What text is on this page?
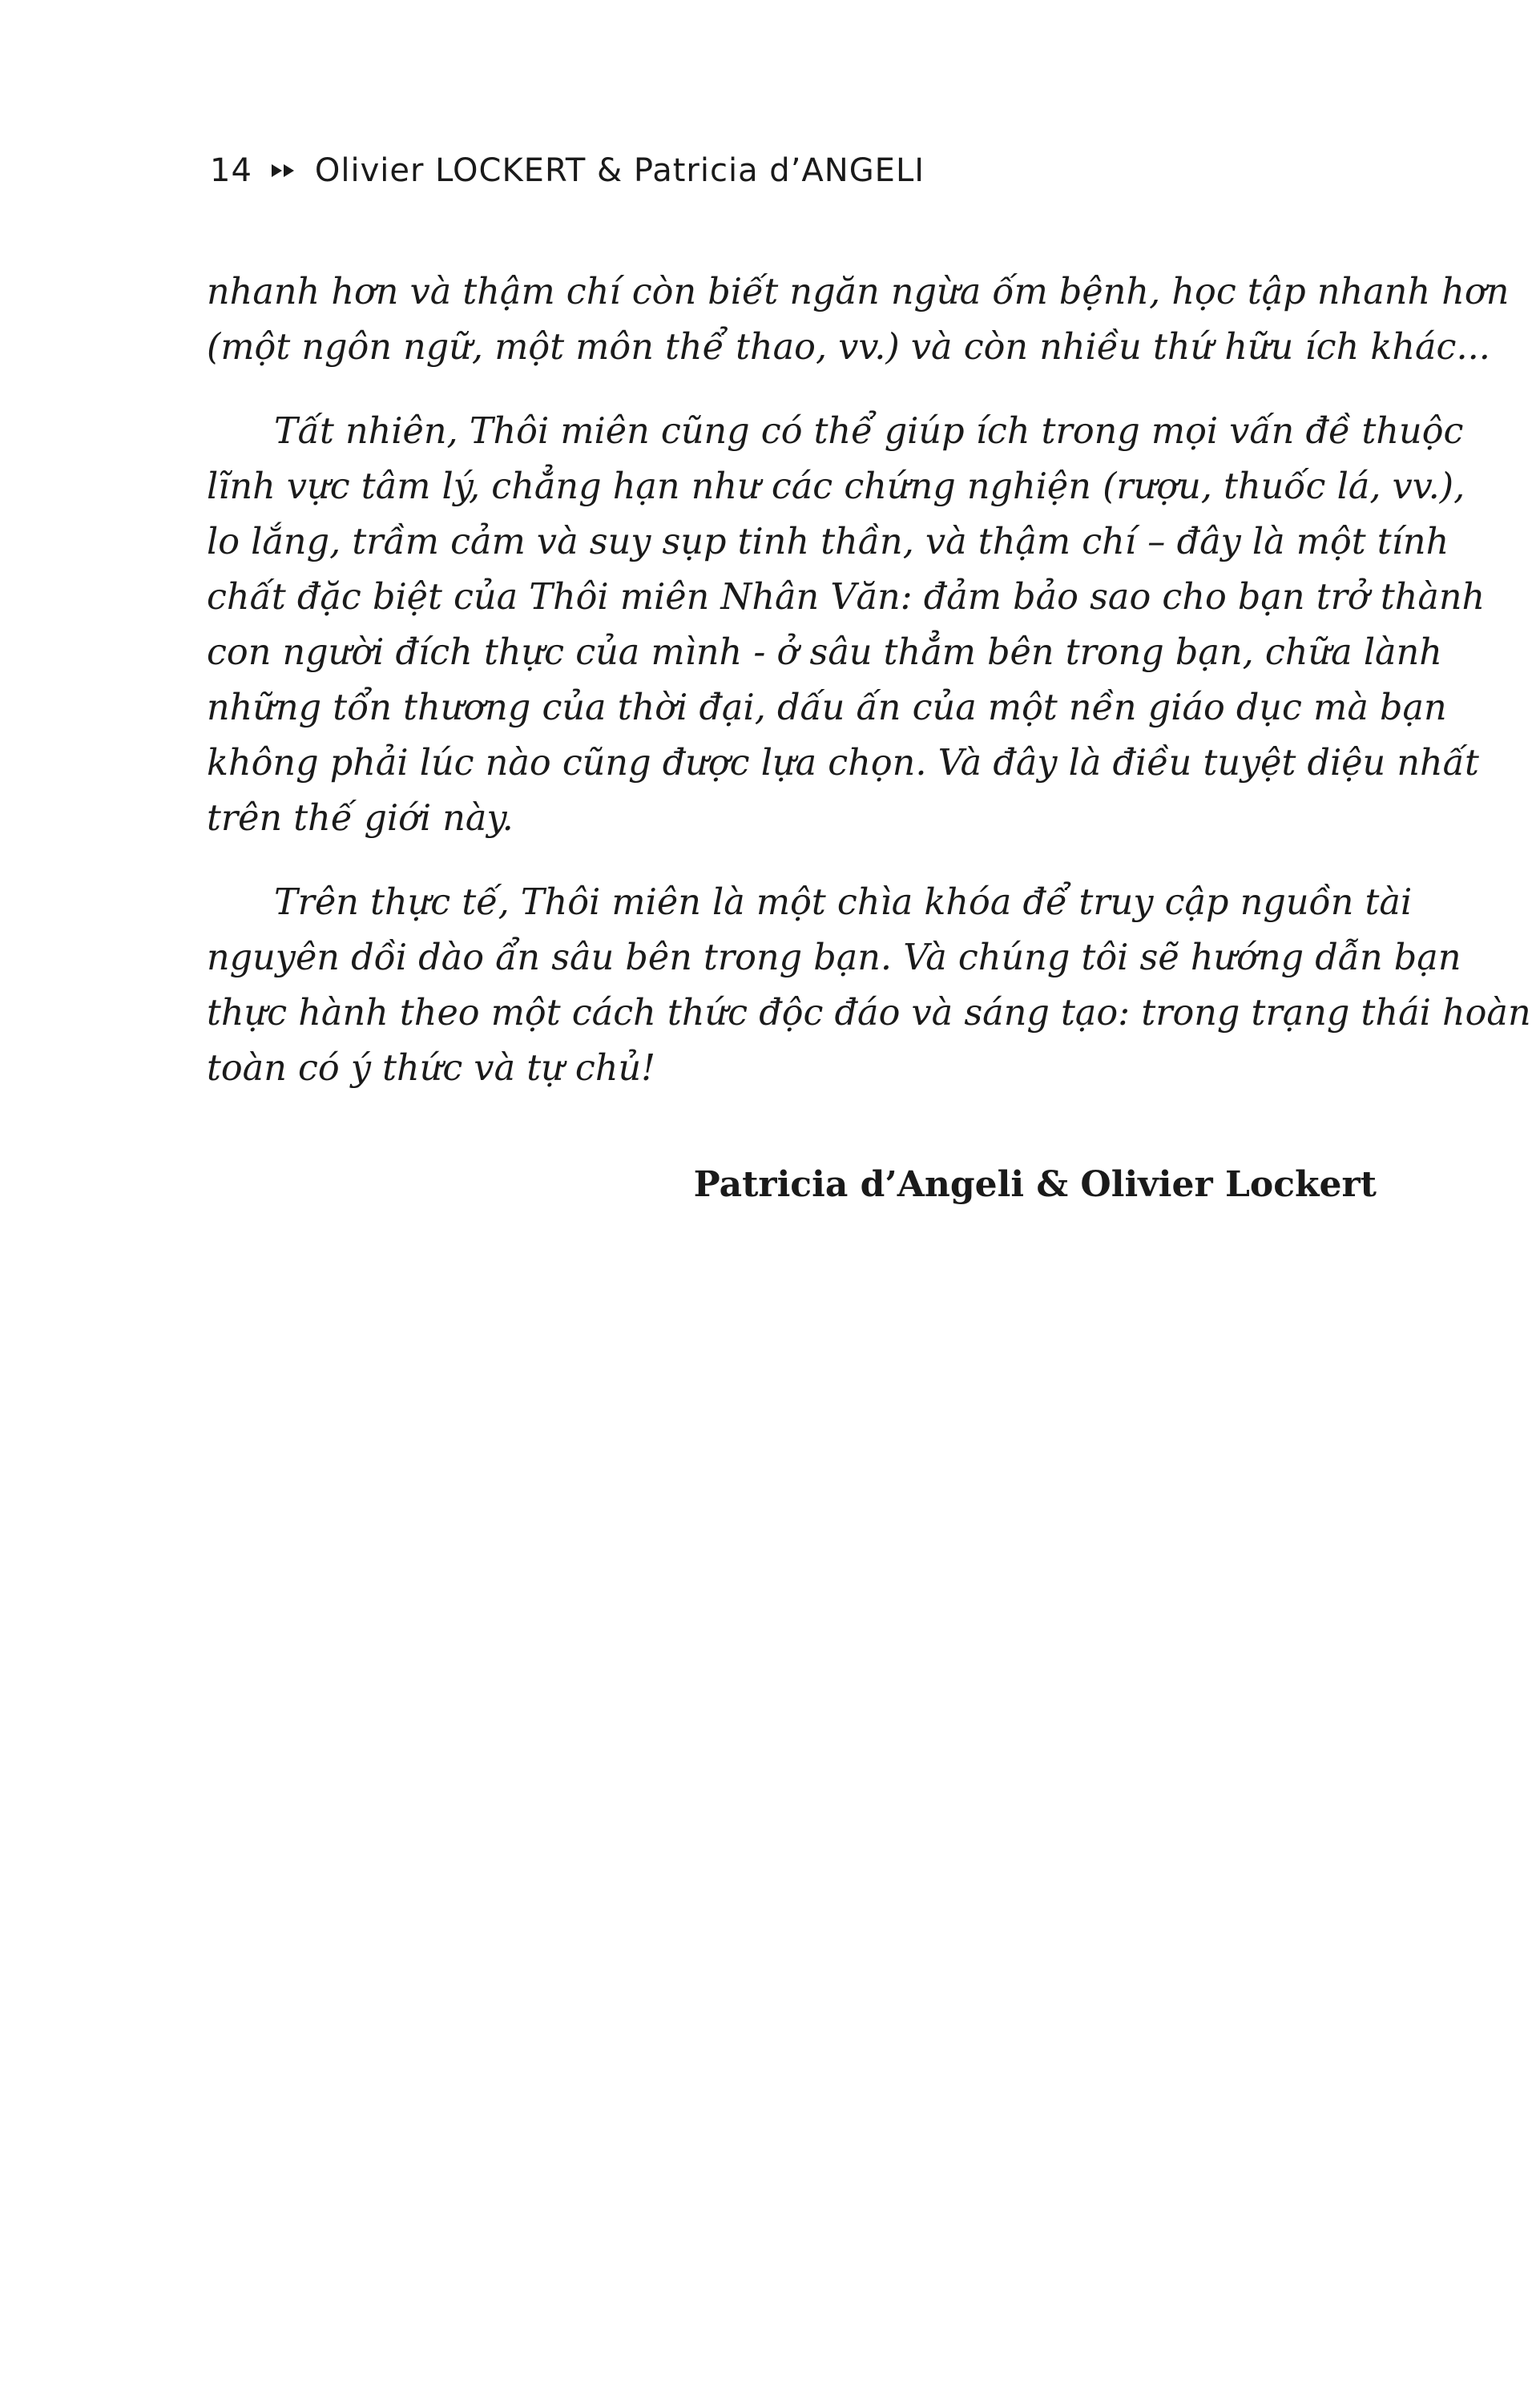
14 Olivier LOCKERT & Patricia d’ANGELI
nhanh hơn và thậm chí còn biết ngăn ngừa ốm bệnh, học tập nhanh hơn
(một ngôn ngữ, một môn thể thao, vv.) và còn nhiều thứ hữu ích khác...
Tất nhiên, Thôi miên cũng có thể giúp ích trong mọi vấn đề thuộc
lĩnh vực tâm lý, chẳng hạn như các chứng nghiện (rượu, thuốc lá, vv.),
lo lắng, trầm cảm và suy sụp tinh thần, và thậm chí – đây là một tính
chất đặc biệt của Thôi miên Nhân Văn: đảm bảo sao cho bạn trở thành
con người đích thực của mình - ở sâu thẳm bên trong bạn, chữa lành
những tổn thương của thời đại, dấu ấn của một nền giáo dục mà bạn
không phải lúc nào cũng được lựa chọn. Và đây là điều tuyệt diệu nhất
trên thế giới này.
Trên thực tế, Thôi miên là một chìa khóa để truy cập nguồn tài
nguyên dồi dào ẩn sâu bên trong bạn. Và chúng tôi sẽ hướng dẫn bạn
thực hành theo một cách thức độc đáo và sáng tạo: trong trạng thái hoàn
toàn có ý thức và tự chủ!
Patricia d’Angeli & Olivier Lockert
